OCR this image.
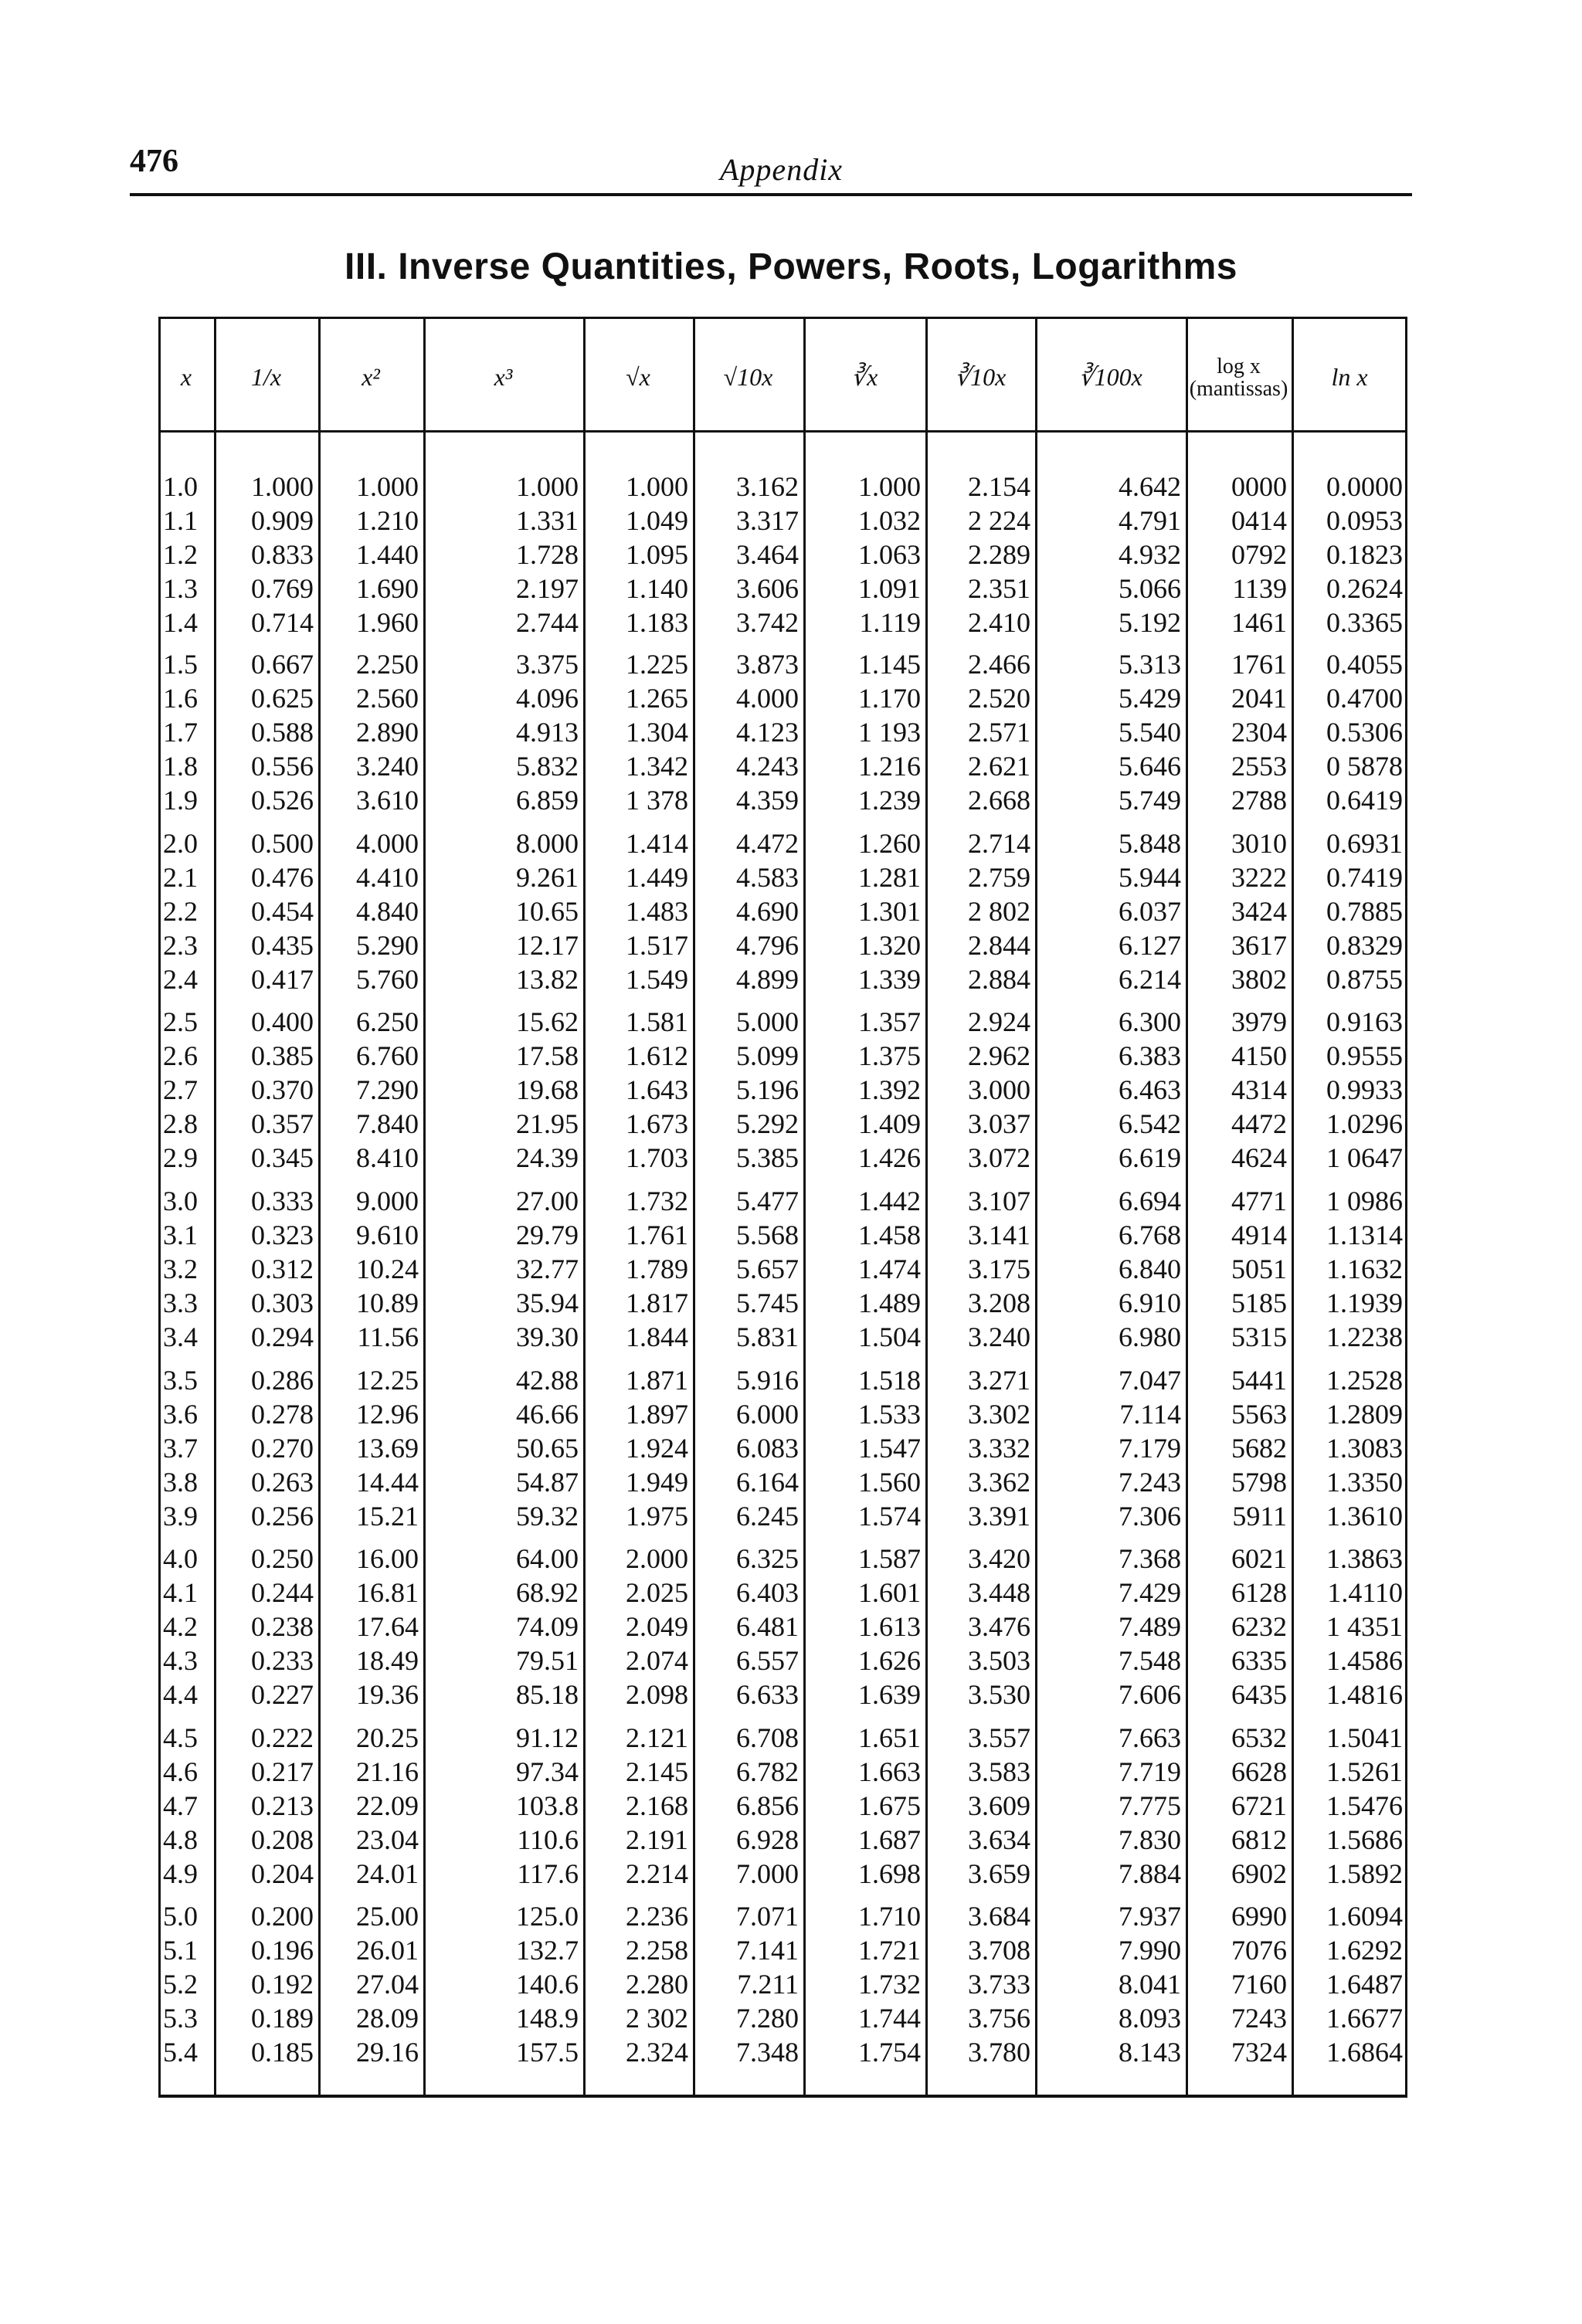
476	Appendix
III. Inverse Quantities, Powers, Roots, Logarithms
x	1/x	x²	x³	√x	√10x	∛x	∛10x	∛100x	log x (mantissas)	ln x
1.0	1.000	1.000	1.000	1.000	3.162	1.000	2.154	4.642	0000	0.0000
1.1	0.909	1.210	1.331	1.049	3.317	1.032	2 224	4.791	0414	0.0953
1.2	0.833	1.440	1.728	1.095	3.464	1.063	2.289	4.932	0792	0.1823
1.3	0.769	1.690	2.197	1.140	3.606	1.091	2.351	5.066	1139	0.2624
1.4	0.714	1.960	2.744	1.183	3.742	1.119	2.410	5.192	1461	0.3365
1.5	0.667	2.250	3.375	1.225	3.873	1.145	2.466	5.313	1761	0.4055
1.6	0.625	2.560	4.096	1.265	4.000	1.170	2.520	5.429	2041	0.4700
1.7	0.588	2.890	4.913	1.304	4.123	1 193	2.571	5.540	2304	0.5306
1.8	0.556	3.240	5.832	1.342	4.243	1.216	2.621	5.646	2553	0 5878
1.9	0.526	3.610	6.859	1 378	4.359	1.239	2.668	5.749	2788	0.6419
2.0	0.500	4.000	8.000	1.414	4.472	1.260	2.714	5.848	3010	0.6931
2.1	0.476	4.410	9.261	1.449	4.583	1.281	2.759	5.944	3222	0.7419
2.2	0.454	4.840	10.65	1.483	4.690	1.301	2 802	6.037	3424	0.7885
2.3	0.435	5.290	12.17	1.517	4.796	1.320	2.844	6.127	3617	0.8329
2.4	0.417	5.760	13.82	1.549	4.899	1.339	2.884	6.214	3802	0.8755
2.5	0.400	6.250	15.62	1.581	5.000	1.357	2.924	6.300	3979	0.9163
2.6	0.385	6.760	17.58	1.612	5.099	1.375	2.962	6.383	4150	0.9555
2.7	0.370	7.290	19.68	1.643	5.196	1.392	3.000	6.463	4314	0.9933
2.8	0.357	7.840	21.95	1.673	5.292	1.409	3.037	6.542	4472	1.0296
2.9	0.345	8.410	24.39	1.703	5.385	1.426	3.072	6.619	4624	1 0647
3.0	0.333	9.000	27.00	1.732	5.477	1.442	3.107	6.694	4771	1 0986
3.1	0.323	9.610	29.79	1.761	5.568	1.458	3.141	6.768	4914	1.1314
3.2	0.312	10.24	32.77	1.789	5.657	1.474	3.175	6.840	5051	1.1632
3.3	0.303	10.89	35.94	1.817	5.745	1.489	3.208	6.910	5185	1.1939
3.4	0.294	11.56	39.30	1.844	5.831	1.504	3.240	6.980	5315	1.2238
3.5	0.286	12.25	42.88	1.871	5.916	1.518	3.271	7.047	5441	1.2528
3.6	0.278	12.96	46.66	1.897	6.000	1.533	3.302	7.114	5563	1.2809
3.7	0.270	13.69	50.65	1.924	6.083	1.547	3.332	7.179	5682	1.3083
3.8	0.263	14.44	54.87	1.949	6.164	1.560	3.362	7.243	5798	1.3350
3.9	0.256	15.21	59.32	1.975	6.245	1.574	3.391	7.306	5911	1.3610
4.0	0.250	16.00	64.00	2.000	6.325	1.587	3.420	7.368	6021	1.3863
4.1	0.244	16.81	68.92	2.025	6.403	1.601	3.448	7.429	6128	1.4110
4.2	0.238	17.64	74.09	2.049	6.481	1.613	3.476	7.489	6232	1 4351
4.3	0.233	18.49	79.51	2.074	6.557	1.626	3.503	7.548	6335	1.4586
4.4	0.227	19.36	85.18	2.098	6.633	1.639	3.530	7.606	6435	1.4816
4.5	0.222	20.25	91.12	2.121	6.708	1.651	3.557	7.663	6532	1.5041
4.6	0.217	21.16	97.34	2.145	6.782	1.663	3.583	7.719	6628	1.5261
4.7	0.213	22.09	103.8	2.168	6.856	1.675	3.609	7.775	6721	1.5476
4.8	0.208	23.04	110.6	2.191	6.928	1.687	3.634	7.830	6812	1.5686
4.9	0.204	24.01	117.6	2.214	7.000	1.698	3.659	7.884	6902	1.5892
5.0	0.200	25.00	125.0	2.236	7.071	1.710	3.684	7.937	6990	1.6094
5.1	0.196	26.01	132.7	2.258	7.141	1.721	3.708	7.990	7076	1.6292
5.2	0.192	27.04	140.6	2.280	7.211	1.732	3.733	8.041	7160	1.6487
5.3	0.189	28.09	148.9	2 302	7.280	1.744	3.756	8.093	7243	1.6677
5.4	0.185	29.16	157.5	2.324	7.348	1.754	3.780	8.143	7324	1.6864
